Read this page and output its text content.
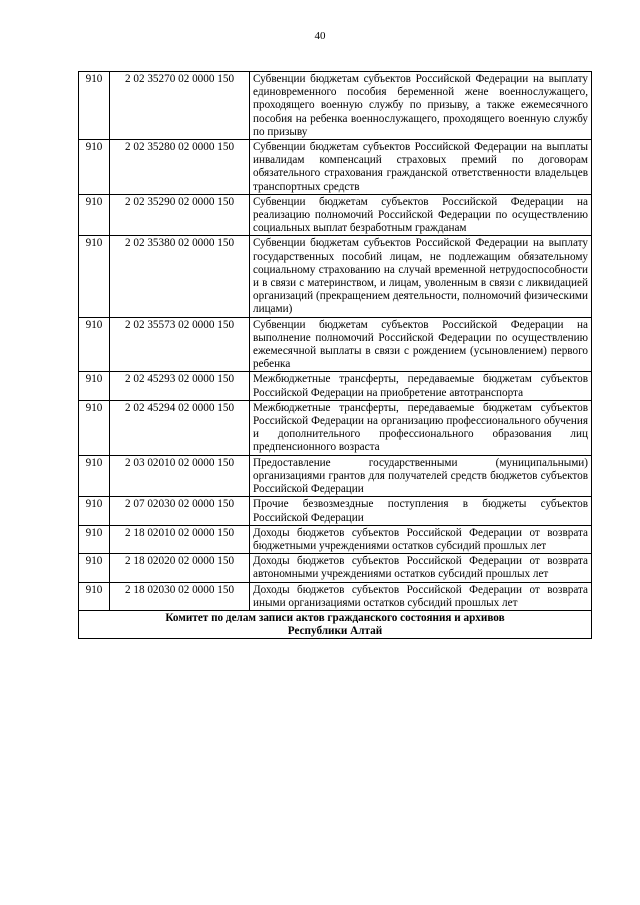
40
910	2 02 35270 02 0000 150	Субвенции бюджетам субъектов Российской Федерации на выплату единовременного пособия беременной жене военнослужащего, проходящего военную службу по призыву, а также ежемесячного пособия на ребенка военнослужащего, проходящего военную службу по призыву
910	2 02 35280 02 0000 150	Субвенции бюджетам субъектов Российской Федерации на выплаты инвалидам компенсаций страховых премий по договорам обязательного страхования гражданской ответственности владельцев транспортных средств
910	2 02 35290 02 0000 150	Субвенции бюджетам субъектов Российской Федерации на реализацию полномочий Российской Федерации по осуществлению социальных выплат безработным гражданам
910	2 02 35380 02 0000 150	Субвенции бюджетам субъектов Российской Федерации на выплату государственных пособий лицам, не подлежащим обязательному социальному страхованию на случай временной нетрудоспособности и в связи с материнством, и лицам, уволенным в связи с ликвидацией организаций (прекращением деятельности, полномочий физическими лицами)
910	2 02 35573 02 0000 150	Субвенции бюджетам субъектов Российской Федерации на выполнение полномочий Российской Федерации по осуществлению ежемесячной выплаты в связи с рождением (усыновлением) первого ребенка
910	2 02 45293 02 0000 150	Межбюджетные трансферты, передаваемые бюджетам субъектов Российской Федерации на приобретение автотранспорта
910	2 02 45294 02 0000 150	Межбюджетные трансферты, передаваемые бюджетам субъектов Российской Федерации на организацию профессионального обучения и дополнительного профессионального образования лиц предпенсионного возраста
910	2 03 02010 02 0000 150	Предоставление государственными (муниципальными) организациями грантов для получателей средств бюджетов субъектов Российской Федерации
910	2 07 02030 02 0000 150	Прочие безвозмездные поступления в бюджеты субъектов Российской Федерации
910	2 18 02010 02 0000 150	Доходы бюджетов субъектов Российской Федерации от возврата бюджетными учреждениями остатков субсидий прошлых лет
910	2 18 02020 02 0000 150	Доходы бюджетов субъектов Российской Федерации от возврата автономными учреждениями остатков субсидий прошлых лет
910	2 18 02030 02 0000 150	Доходы бюджетов субъектов Российской Федерации от возврата иными организациями остатков субсидий прошлых лет

Комитет по делам записи актов гражданского состояния и архивов
Республики Алтай		
